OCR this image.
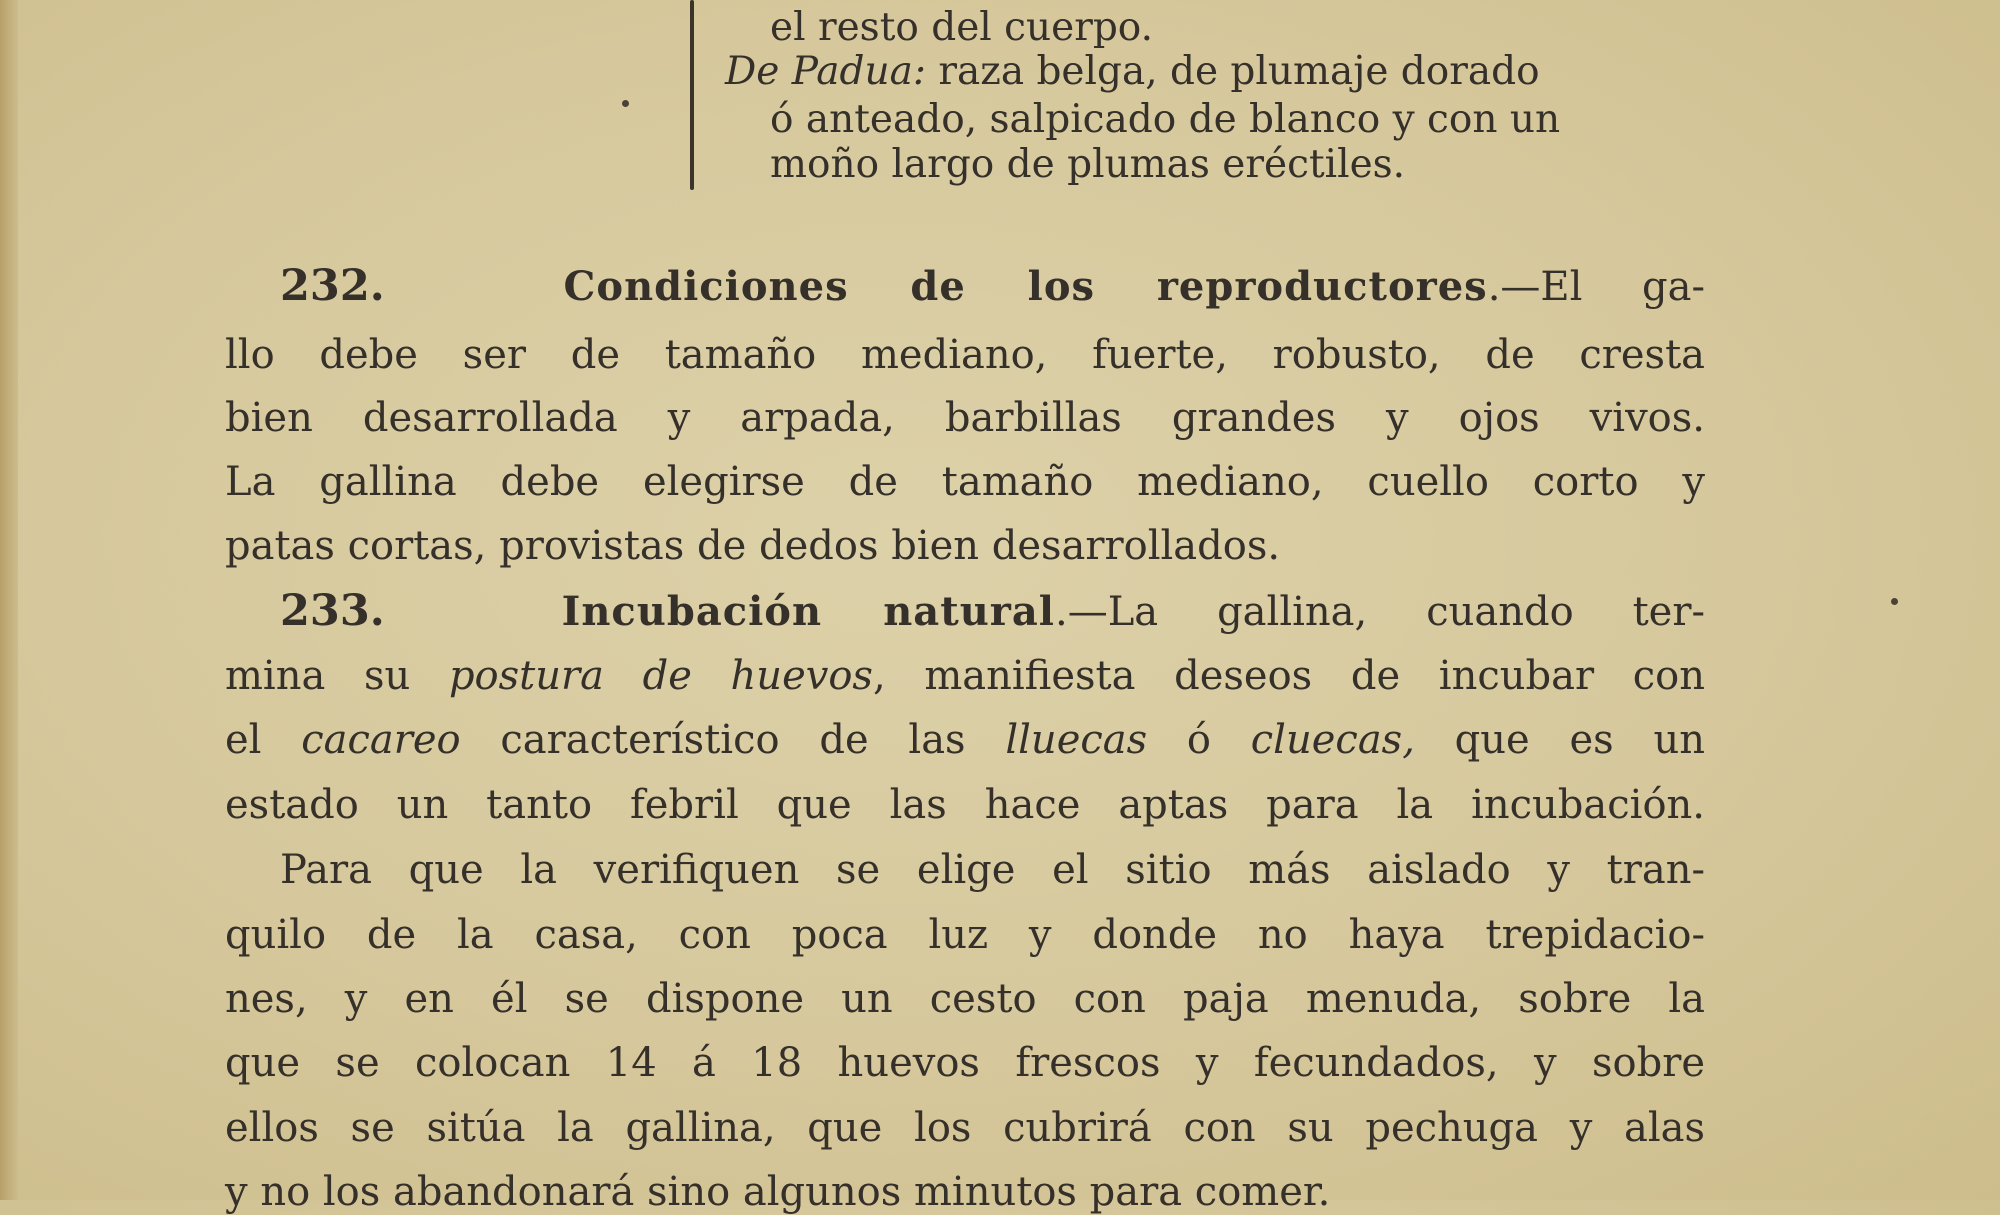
el resto del cuerpo.

De Padua: raza belga, de plumaje dorado

ó anteado, salpicado de blanco y con un

moño largo de plumas eréctiles.

232.	Condiciones de los reproductores.—El ga-

llo debe ser de tamaño mediano, fuerte, robusto, de cresta

bien desarrollada y arpada, barbillas grandes y ojos vivos.

La gallina debe elegirse de tamaño mediano, cuello corto y

patas cortas, provistas de dedos bien desarrollados.

233.	Incubación natural.—La gallina, cuando ter-

mina su postura de huevos, manifiesta deseos de incubar con

el cacareo característico de las lluecas ó cluecas, que es un

estado un tanto febril que las hace aptas para la incubación.

Para que la verifiquen se elige el sitio más aislado y tran-

quilo de la casa, con poca luz y donde no haya trepidacio-

nes, y en él se dispone un cesto con paja menuda, sobre la

que se colocan 14 á 18 huevos frescos y fecundados, y sobre

ellos se sitúa la gallina, que los cubrirá con su pechuga y alas

y no los abandonará sino algunos minutos para comer.
